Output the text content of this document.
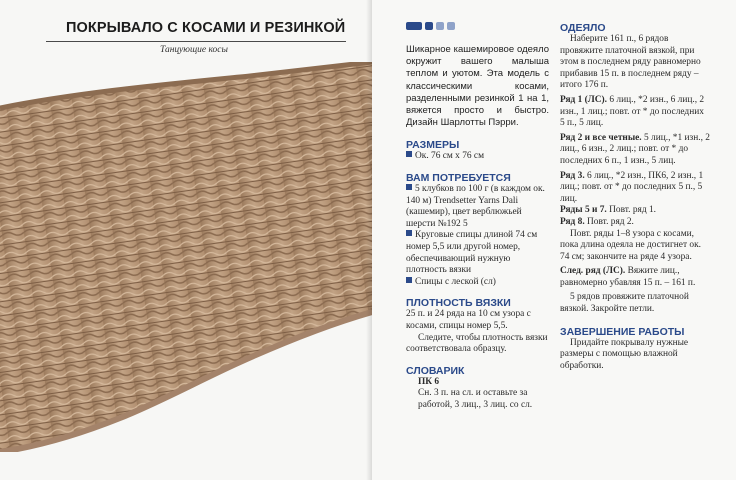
ПОКРЫВАЛО С КОСАМИ И РЕЗИНКОЙ
Танцующие косы	Шикарное кашемировое одеяло окружит вашего малыша теплом и уютом. Эта модель с классическими косами, разделенными резинкой 1 на 1, вяжется просто и быстро. Дизайн Шарлотты Пэрри.

РАЗМЕРЫ

Ок. 76 см х 76 см

ВАМ ПОТРЕБУЕТСЯ

5 клубков по 100 г (в каждом ок. 140 м) Trendsetter Yarns Dali (кашемир), цвет верблюжьей шерсти №192 5

Круговые спицы длиной 74 см номер 5,5 или другой номер, обеспечивающий нужную плотность вязки

Спицы с леской (сл)

ПЛОТНОСТЬ ВЯЗКИ

25 п. и 24 ряда на 10 см узора с косами, спицы номер 5,5.

Следите, чтобы плотность вязки соответствовала образцу.

СЛОВАРИК

ПК 6

Сн. 3 п. на сл. и оставьте за работой, 3 лиц., 3 лиц. со сл.

ОДЕЯЛО

Наберите 161 п., 6 рядов провяжите платочной вязкой, при этом в последнем ряду равномерно прибавив 15 п. в последнем ряду – итого 176 п.

Ряд 1 (ЛС). 6 лиц., *2 изн., 6 лиц., 2 изн., 1 лиц.; повт. от * до последних 5 п., 5 лиц.

Ряд 2 и все четные. 5 лиц., *1 изн., 2 лиц., 6 изн., 2 лиц.; повт. от * до последних 6 п., 1 изн., 5 лиц.

Ряд 3. 6 лиц., *2 изн., ПК6, 2 изн., 1 лиц.; повт. от * до последних 5 п., 5 лиц.

Ряды 5 и 7. Повт. ряд 1.

Ряд 8. Повт. ряд 2.

Повт. ряды 1–8 узора с косами, пока длина одеяла не достигнет ок. 74 см; закончите на ряде 4 узора.

След. ряд (ЛС). Вяжите лиц., равномерно убавляя 15 п. – 161 п.

5 рядов провяжите платочной вязкой. Закройте петли.

ЗАВЕРШЕНИЕ РАБОТЫ

Придайте покрывалу нужные размеры с помощью влажной обработки.
